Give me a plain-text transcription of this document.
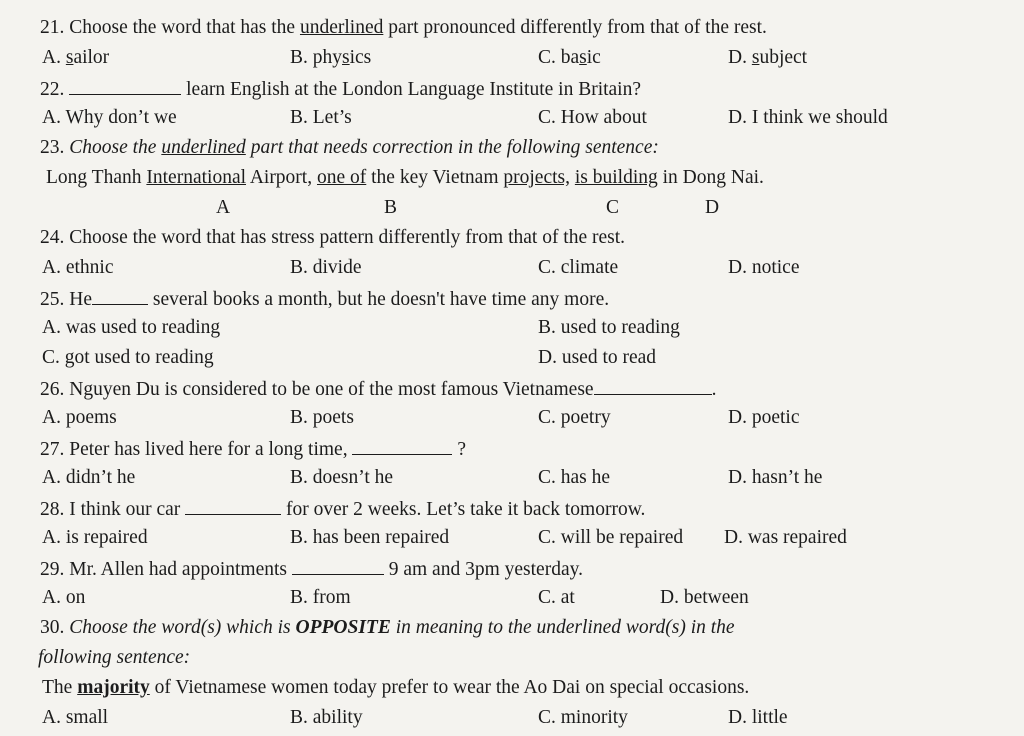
21. Choose the word that has the underlined part pronounced differently from that of the rest.
A. sailor	B. physics	C. basic	D. subject
22.	learn English at the London Language Institute in Britain?
A. Why don’t we	B. Let’s	C. How about	D. I think we should
23. Choose the underlined part that needs correction in the following sentence:
Long Thanh International Airport, one of the key Vietnam projects, is building in Dong Nai.
A	B	C	D
24. Choose the word that has stress pattern differently from that of the rest.
A. ethnic	B. divide	C. climate	D. notice
25. He	several books a month, but he doesn't have time any more.
A. was used to reading	B. used to reading
C. got used to reading	D. used to read
26. Nguyen Du is considered to be one of the most famous Vietnamese	.
A. poems	B. poets	C. poetry	D. poetic
27. Peter has lived here for a long time,	?
A. didn’t he	B. doesn’t he	C. has he	D. hasn’t he
28. I think our car	for over 2 weeks. Let’s take it back tomorrow.
A. is repaired	B. has been repaired	C. will be repaired D. was repaired
29. Mr. Allen had appointments	9 am and 3pm yesterday.
A. on	B. from	C. at	D. between
30. Choose the word(s) which is OPPOSITE in meaning to the underlined word(s) in the
following sentence:
The majority of Vietnamese women today prefer to wear the Ao Dai on special occasions.
A. small	B. ability	C. minority	D. little
